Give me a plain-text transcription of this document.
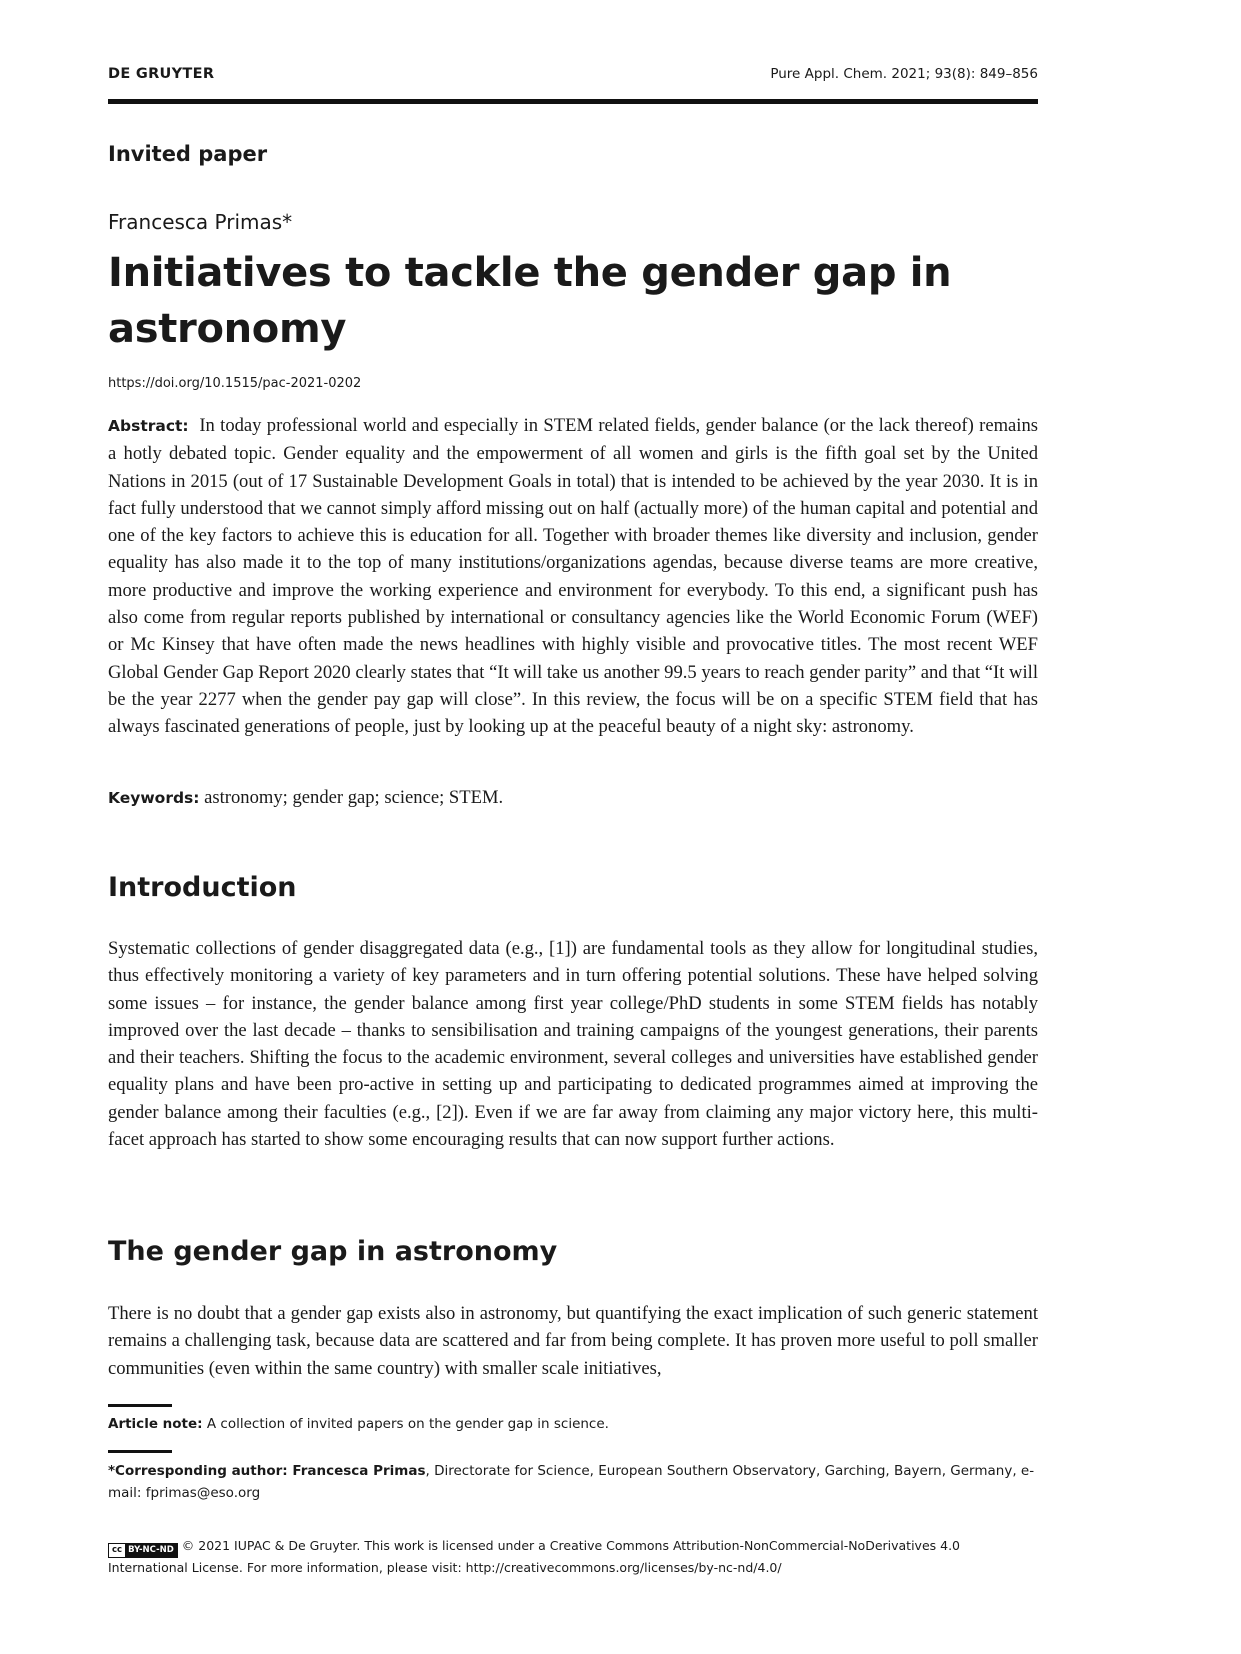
DE GRUYTER	Pure Appl. Chem. 2021; 93(8): 849–856
Invited paper
Francesca Primas*
Initiatives to tackle the gender gap in astronomy
https://doi.org/10.1515/pac-2021-0202

Abstract: In today professional world and especially in STEM related fields, gender balance (or the lack thereof) remains a hotly debated topic. Gender equality and the empowerment of all women and girls is the fifth goal set by the United Nations in 2015 (out of 17 Sustainable Development Goals in total) that is intended to be achieved by the year 2030. It is in fact fully understood that we cannot simply afford missing out on half (actually more) of the human capital and potential and one of the key factors to achieve this is education for all. Together with broader themes like diversity and inclusion, gender equality has also made it to the top of many institutions/organizations agendas, because diverse teams are more creative, more productive and improve the working experience and environment for everybody. To this end, a significant push has also come from regular reports published by international or consultancy agencies like the World Economic Forum (WEF) or Mc Kinsey that have often made the news headlines with highly visible and provocative titles. The most recent WEF Global Gender Gap Report 2020 clearly states that “It will take us another 99.5 years to reach gender parity” and that “It will be the year 2277 when the gender pay gap will close”. In this review, the focus will be on a specific STEM field that has always fascinated generations of people, just by looking up at the peaceful beauty of a night sky: astronomy.

Keywords: astronomy; gender gap; science; STEM.

Introduction

Systematic collections of gender disaggregated data (e.g., [1]) are fundamental tools as they allow for longitudinal studies, thus effectively monitoring a variety of key parameters and in turn offering potential solutions. These have helped solving some issues – for instance, the gender balance among first year college/PhD students in some STEM fields has notably improved over the last decade – thanks to sensibilisation and training campaigns of the youngest generations, their parents and their teachers. Shifting the focus to the academic environment, several colleges and universities have established gender equality plans and have been pro-active in setting up and participating to dedicated programmes aimed at improving the gender balance among their faculties (e.g., [2]). Even if we are far away from claiming any major victory here, this multi-facet approach has started to show some encouraging results that can now support further actions.

The gender gap in astronomy

There is no doubt that a gender gap exists also in astronomy, but quantifying the exact implication of such generic statement remains a challenging task, because data are scattered and far from being complete. It has proven more useful to poll smaller communities (even within the same country) with smaller scale initiatives,

Article note: A collection of invited papers on the gender gap in science.

*Corresponding author: Francesca Primas, Directorate for Science, European Southern Observatory, Garching, Bayern, Germany, e-mail: fprimas@eso.org

cc BY-NC-ND © 2021 IUPAC & De Gruyter. This work is licensed under a Creative Commons Attribution-NonCommercial-NoDerivatives 4.0 International License. For more information, please visit: http://creativecommons.org/licenses/by-nc-nd/4.0/
